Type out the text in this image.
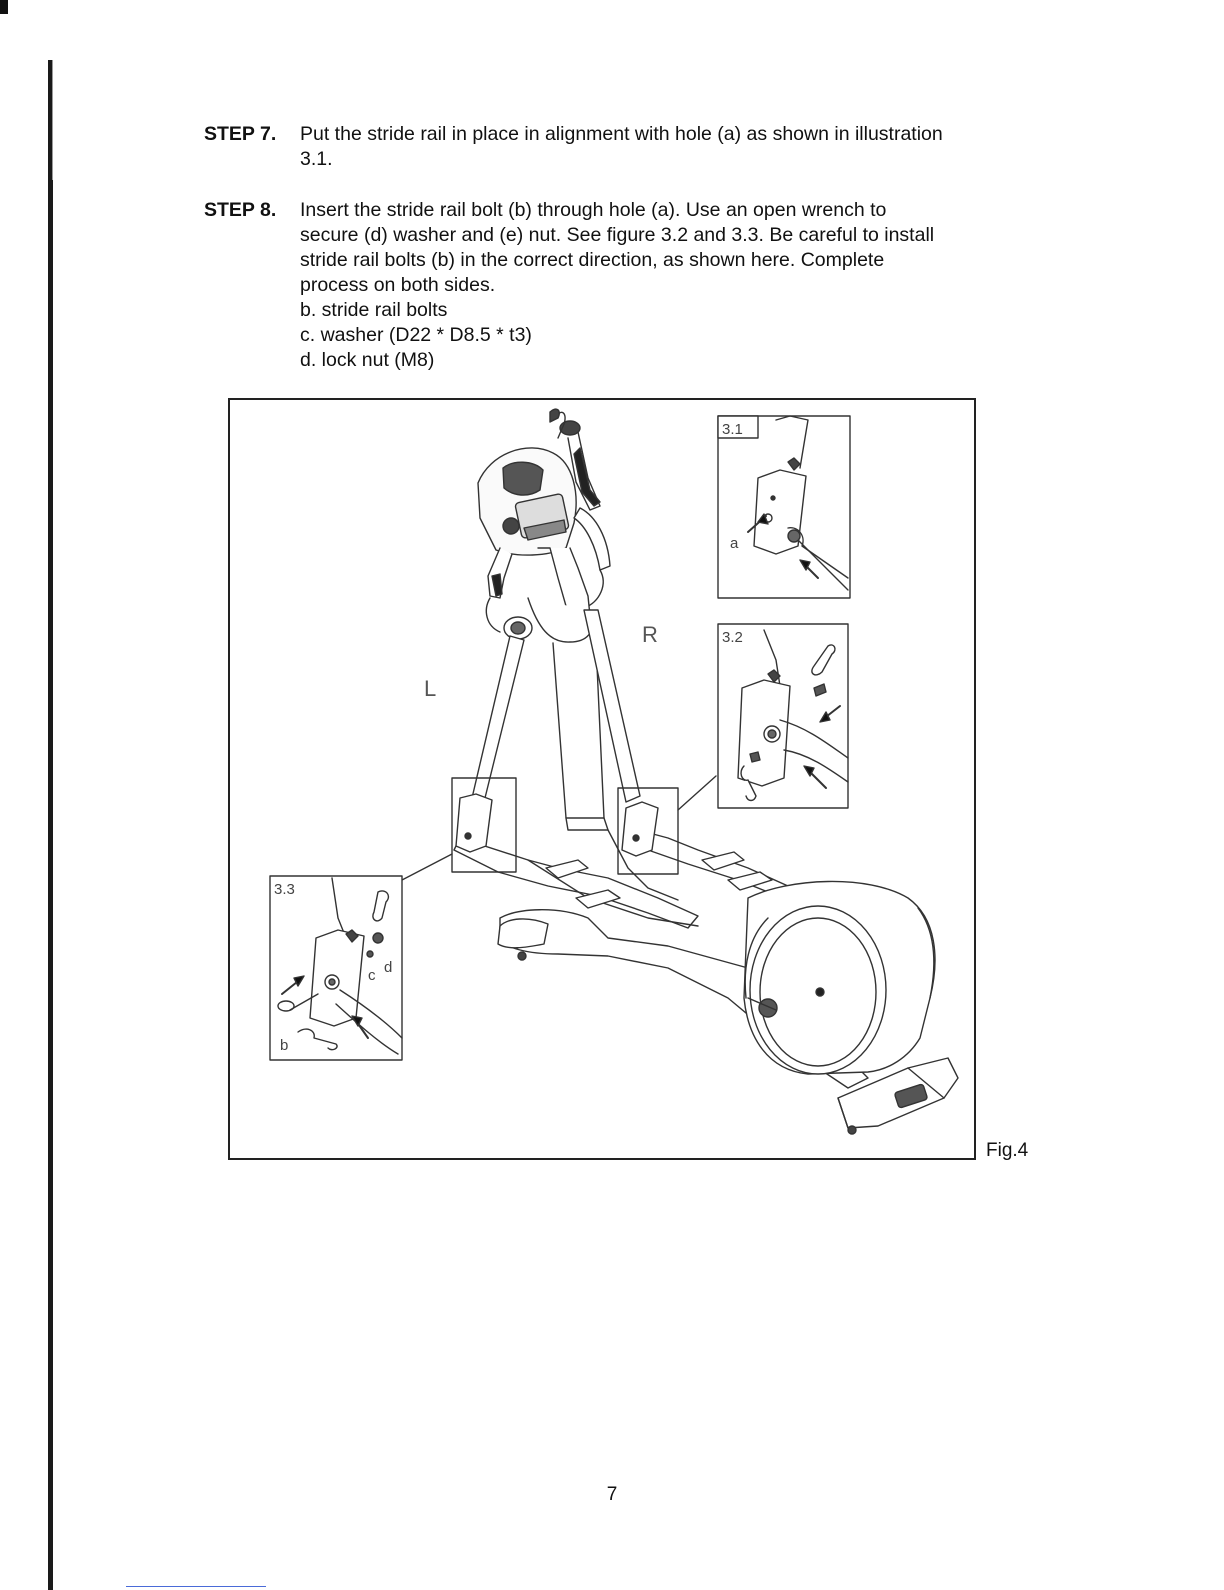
STEP 7. Put the stride rail in place in alignment with hole (a) as shown in illustration
3.1.
STEP 8. Insert the stride rail bolt (b) through hole (a). Use an open wrench to
secure (d) washer and (e) nut. See figure 3.2 and 3.3. Be careful to install
stride rail bolts (b) in the correct direction, as shown here. Complete
process on both sides.
b. stride rail bolts
c. washer (D22 * D8.5 * t3)
d. lock nut (M8)
L
R
3.1
3.2
3.3
a
c d
b
Fig.4
7
